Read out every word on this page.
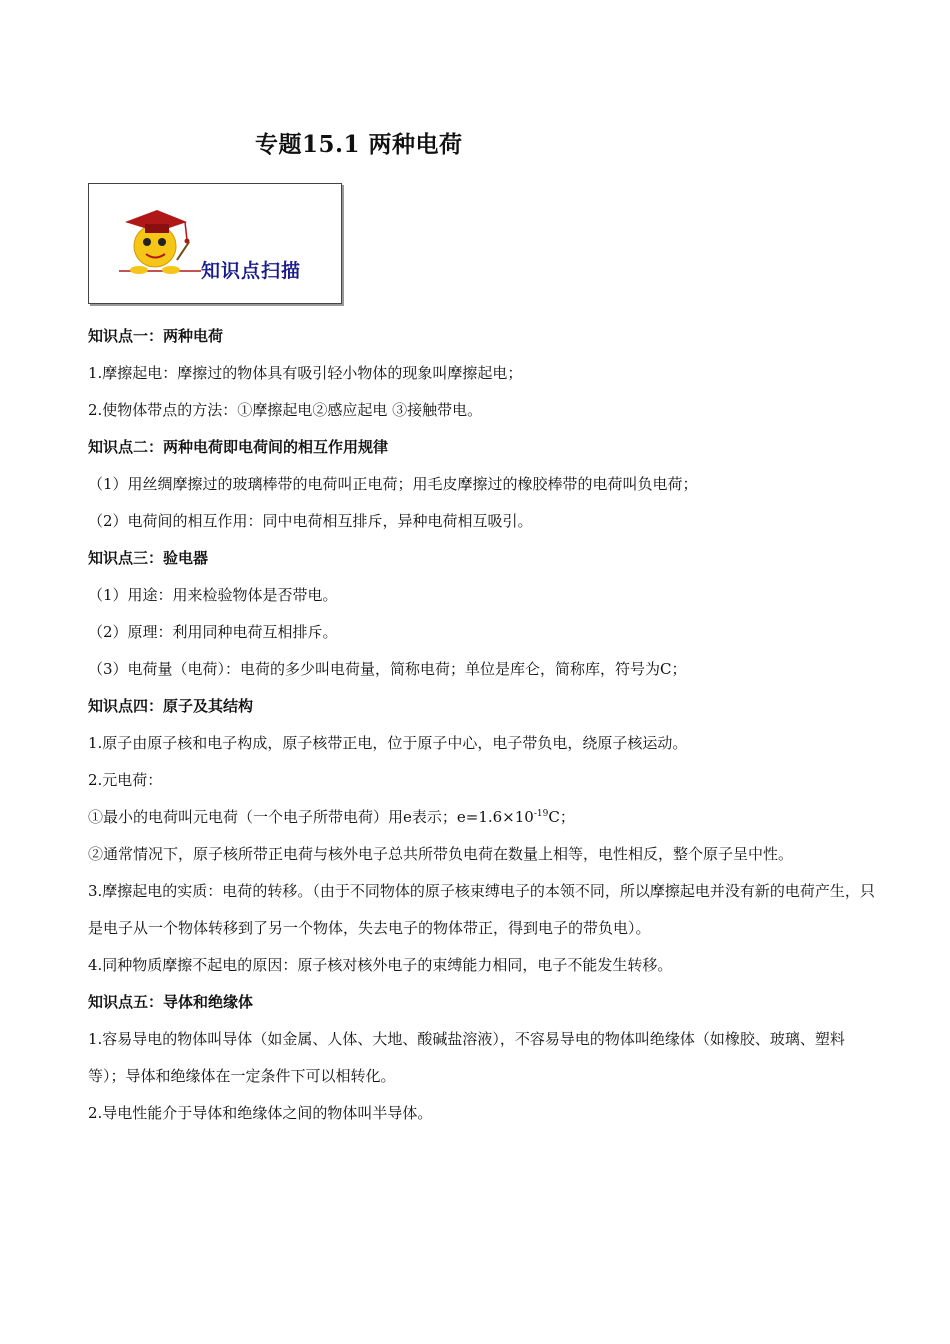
专题15.1 两种电荷
知识点扫描
知识点一：两种电荷
1.摩擦起电：摩擦过的物体具有吸引轻小物体的现象叫摩擦起电；
2.使物体带点的方法：①摩擦起电②感应起电 ③接触带电。
知识点二：两种电荷即电荷间的相互作用规律
（1）用丝绸摩擦过的玻璃棒带的电荷叫正电荷；用毛皮摩擦过的橡胶棒带的电荷叫负电荷；
（2）电荷间的相互作用：同中电荷相互排斥，异种电荷相互吸引。
知识点三：验电器
（1）用途：用来检验物体是否带电。
（2）原理：利用同种电荷互相排斥。
（3）电荷量（电荷）：电荷的多少叫电荷量，简称电荷；单位是库仑，简称库，符号为C；
知识点四：原子及其结构
1.原子由原子核和电子构成，原子核带正电，位于原子中心，电子带负电，绕原子核运动。
2.元电荷：
①最小的电荷叫元电荷（一个电子所带电荷）用e表示；$e=1.6\times 10^{-19}C$；
②通常情况下，原子核所带正电荷与核外电子总共所带负电荷在数量上相等，电性相反，整个原子呈中性。
3.摩擦起电的实质：电荷的转移。（由于不同物体的原子核束缚电子的本领不同，所以摩擦起电并没有新的电荷产生，只是电子从一个物体转移到了另一个物体，失去电子的物体带正，得到电子的带负电）。
4.同种物质摩擦不起电的原因：原子核对核外电子的束缚能力相同，电子不能发生转移。
知识点五：导体和绝缘体
1.容易导电的物体叫导体（如金属、人体、大地、酸碱盐溶液），不容易导电的物体叫绝缘体（如橡胶、玻璃、塑料等）；导体和绝缘体在一定条件下可以相转化。
2.导电性能介于导体和绝缘体之间的物体叫半导体。
